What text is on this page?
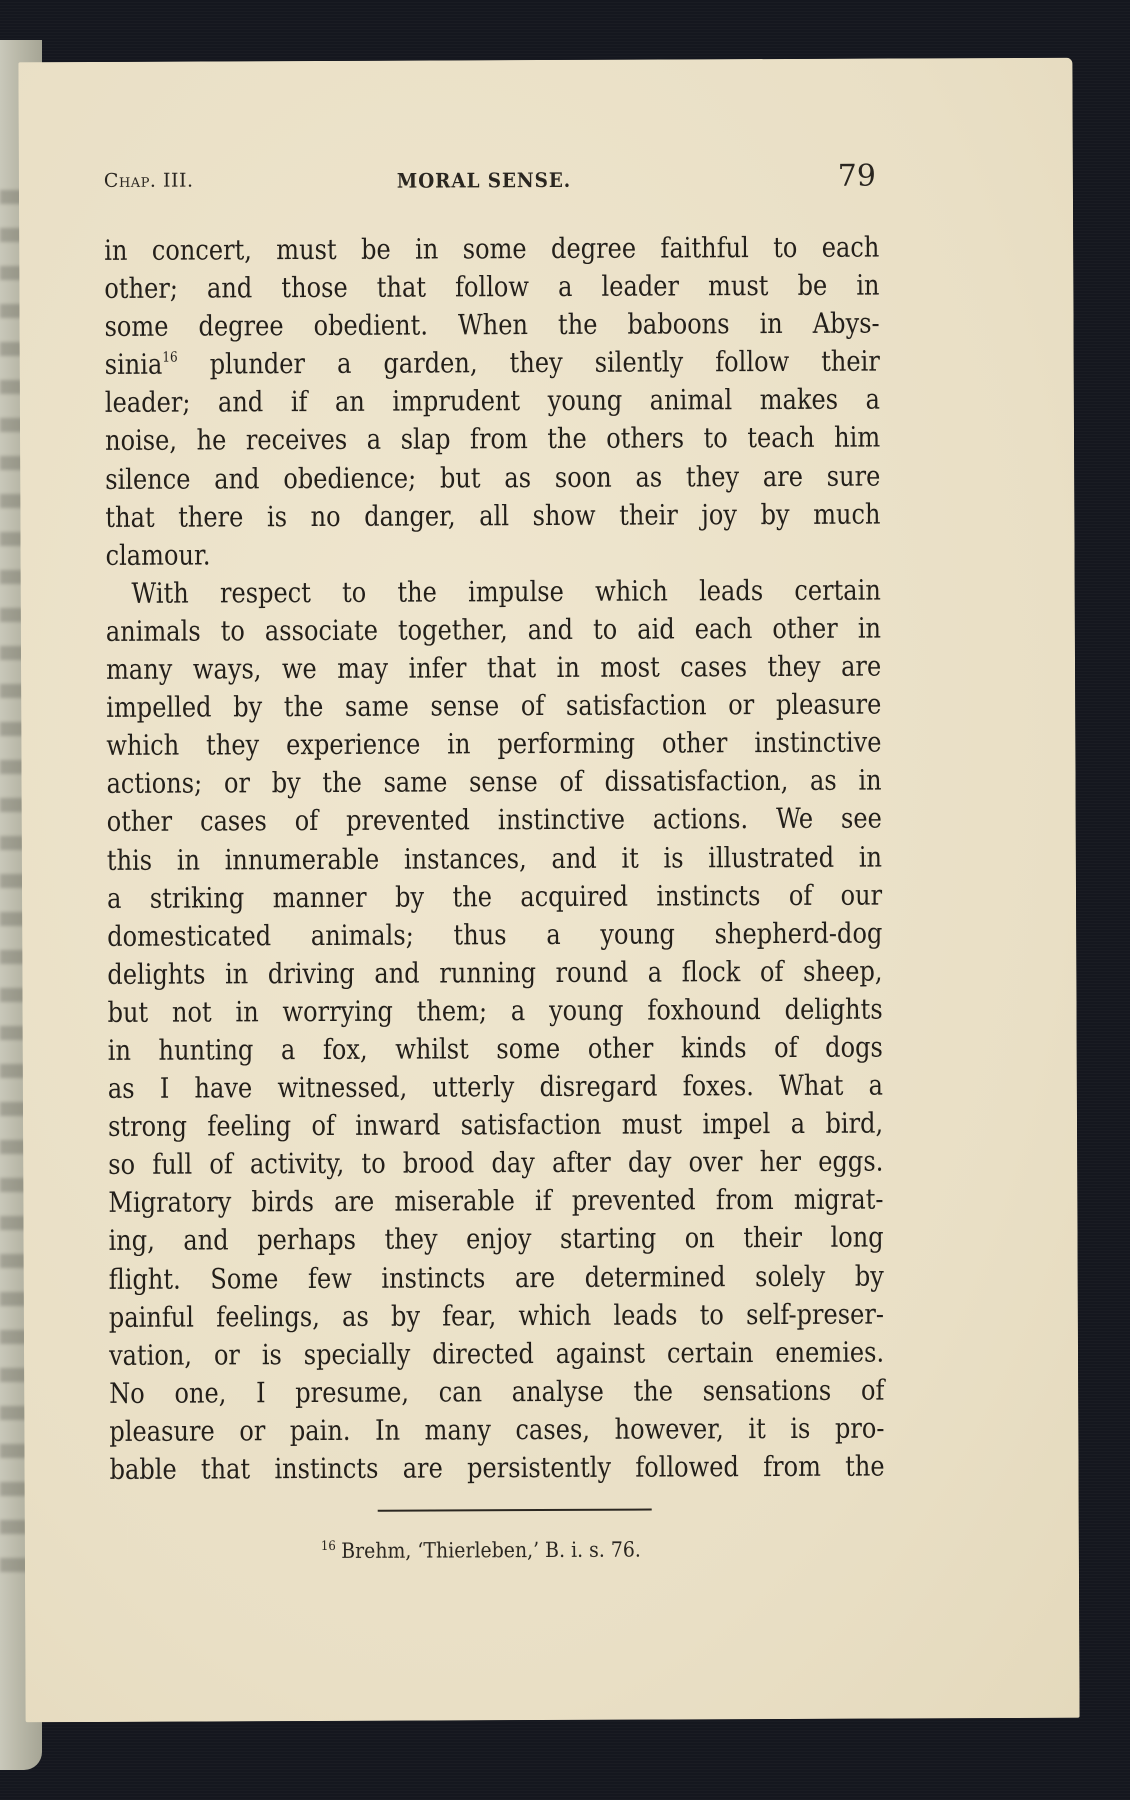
Chap. III.	MORAL SENSE.	79
in concert, must be in some degree faithful to each
other; and those that follow a leader must be in
some degree obedient. When the baboons in Abys-
sinia$^{16}$ plunder a garden, they silently follow their
leader; and if an imprudent young animal makes a
noise, he receives a slap from the others to teach him
silence and obedience; but as soon as they are sure
that there is no danger, all show their joy by much
clamour.
With respect to the impulse which leads certain
animals to associate together, and to aid each other in
many ways, we may infer that in most cases they are
impelled by the same sense of satisfaction or pleasure
which they experience in performing other instinctive
actions; or by the same sense of dissatisfaction, as in
other cases of prevented instinctive actions. We see
this in innumerable instances, and it is illustrated in
a striking manner by the acquired instincts of our
domesticated animals; thus a young shepherd-dog
delights in driving and running round a flock of sheep,
but not in worrying them; a young foxhound delights
in hunting a fox, whilst some other kinds of dogs
as I have witnessed, utterly disregard foxes. What a
strong feeling of inward satisfaction must impel a bird,
so full of activity, to brood day after day over her eggs.
Migratory birds are miserable if prevented from migrat-
ing, and perhaps they enjoy starting on their long
flight. Some few instincts are determined solely by
painful feelings, as by fear, which leads to self-preser-
vation, or is specially directed against certain enemies.
No one, I presume, can analyse the sensations of
pleasure or pain. In many cases, however, it is pro-
bable that instincts are persistently followed from the
$^{16}$ Brehm, ‘Thierleben,’ B. i. s. 76.
